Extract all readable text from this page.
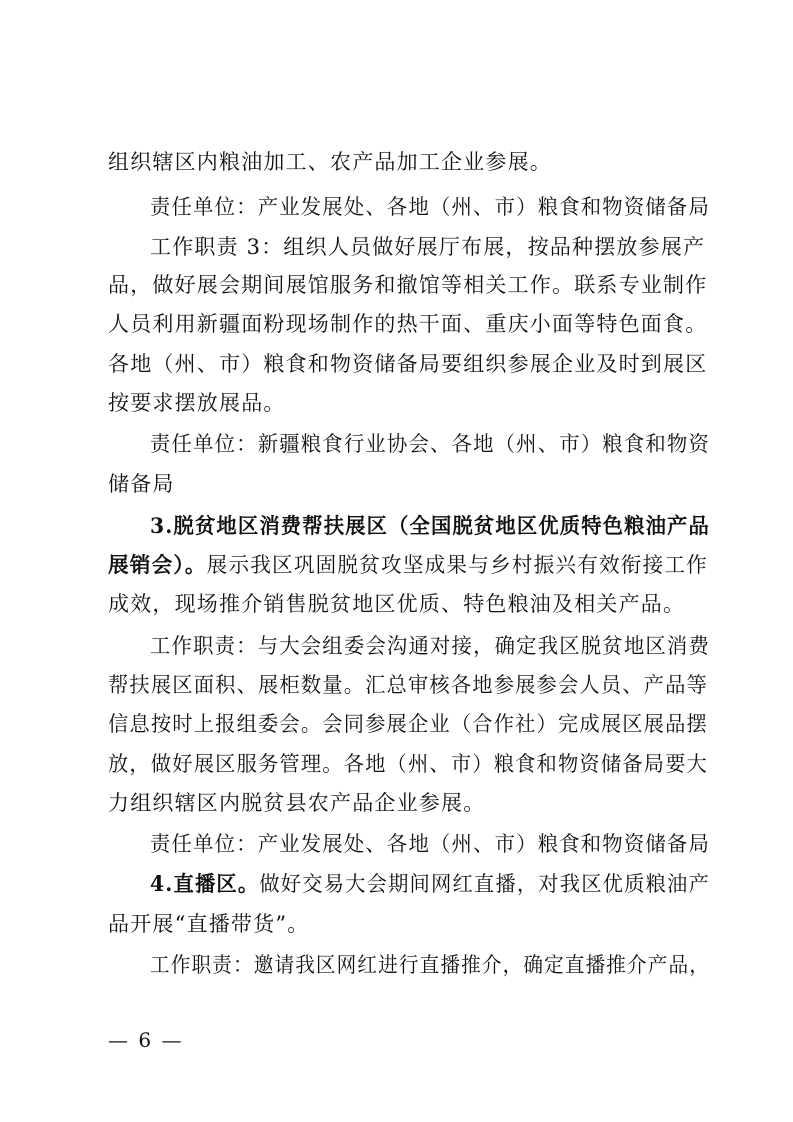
组织辖区内粮油加工、农产品加工企业参展。
责任单位：产业发展处、各地（州、市）粮食和物资储备局
工作职责 3：组织人员做好展厅布展，按品种摆放参展产
品，做好展会期间展馆服务和撤馆等相关工作。联系专业制作
人员利用新疆面粉现场制作的热干面、重庆小面等特色面食。
各地（州、市）粮食和物资储备局要组织参展企业及时到展区
按要求摆放展品。
责任单位：新疆粮食行业协会、各地（州、市）粮食和物资
储备局
3.脱贫地区消费帮扶展区（全国脱贫地区优质特色粮油产品
展销会）。展示我区巩固脱贫攻坚成果与乡村振兴有效衔接工作
成效，现场推介销售脱贫地区优质、特色粮油及相关产品。
工作职责：与大会组委会沟通对接，确定我区脱贫地区消费
帮扶展区面积、展柜数量。汇总审核各地参展参会人员、产品等
信息按时上报组委会。会同参展企业（合作社）完成展区展品摆
放，做好展区服务管理。各地（州、市）粮食和物资储备局要大
力组织辖区内脱贫县农产品企业参展。
责任单位：产业发展处、各地（州、市）粮食和物资储备局
4.直播区。做好交易大会期间网红直播，对我区优质粮油产
品开展“直播带货”。
工作职责：邀请我区网红进行直播推介，确定直播推介产品，
— 6 —
